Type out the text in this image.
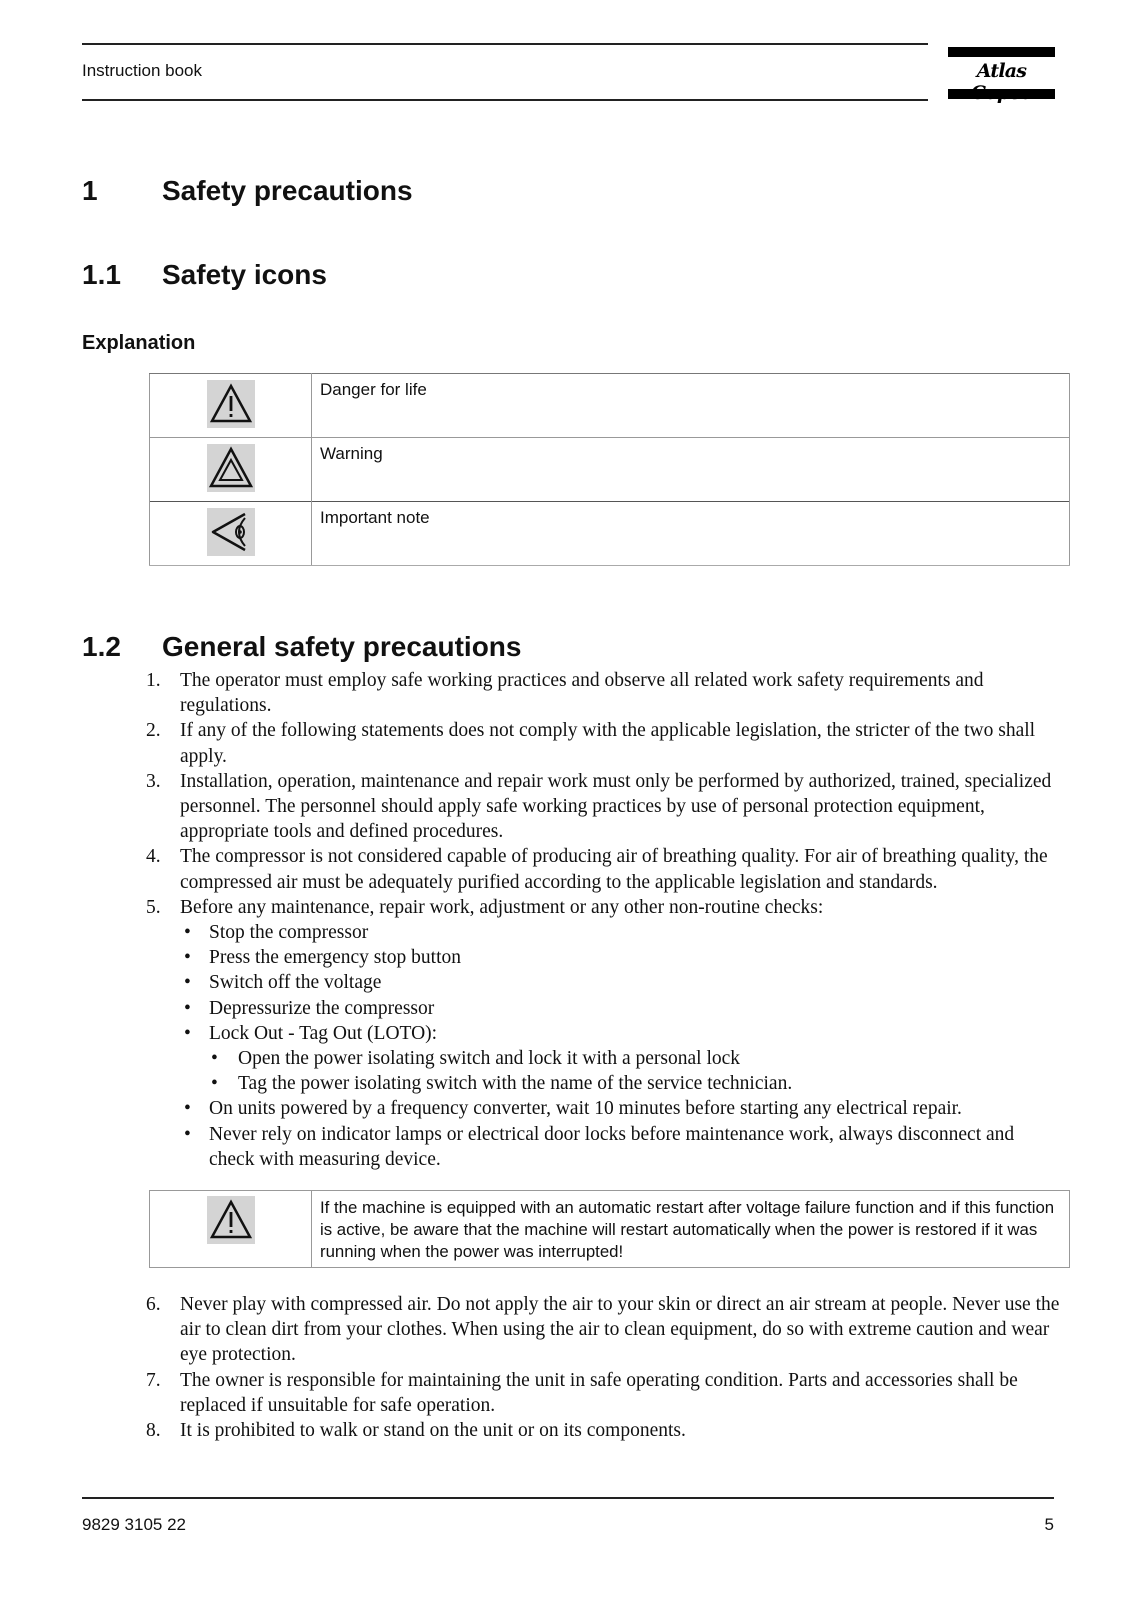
Instruction book	Atlas
1 Safety precautions
1.1 Safety icons
Explanation
	Danger for life

	Warning

	Important note
1.2 General safety precautions
1. The operator must employ safe working practices and observe all related work safety requirements and regulations.
2. If any of the following statements does not comply with the applicable legislation, the stricter of the two shall apply.
3. Installation, operation, maintenance and repair work must only be performed by authorized, trained, specialized personnel. The personnel should apply safe working practices by use of personal protection equipment, appropriate tools and defined procedures.
4. The compressor is not considered capable of producing air of breathing quality. For air of breathing quality, the compressed air must be adequately purified according to the applicable legislation and standards.
5. Before any maintenance, repair work, adjustment or any other non-routine checks:
• Stop the compressor
• Press the emergency stop button
• Switch off the voltage
• Depressurize the compressor
• Lock Out - Tag Out (LOTO):
• Open the power isolating switch and lock it with a personal lock
• Tag the power isolating switch with the name of the service technician.
• On units powered by a frequency converter, wait 10 minutes before starting any electrical repair.
• Never rely on indicator lamps or electrical door locks before maintenance work, always disconnect and check with measuring device.
	If the machine is equipped with an automatic restart after voltage failure function and if this function is active, be aware that the machine will restart automatically when the power is restored if it was running when the power was interrupted!
6. Never play with compressed air. Do not apply the air to your skin or direct an air stream at people. Never use the air to clean dirt from your clothes. When using the air to clean equipment, do so with extreme caution and wear eye protection.
7. The owner is responsible for maintaining the unit in safe operating condition. Parts and accessories shall be replaced if unsuitable for safe operation.
8. It is prohibited to walk or stand on the unit or on its components.
9829 3105 22	5
